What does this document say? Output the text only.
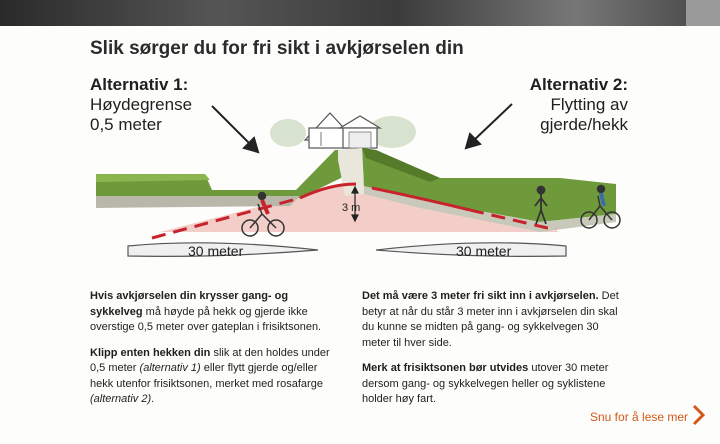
Slik sørger du for fri sikt i avkjørselen din
Alternativ 1:
Høydegrense
0,5 meter
Alternativ 2:
Flytting av
gjerde/hekk
3 m
30 meter	30 meter

Hvis avkjørselen din krysser gang- og sykkelveg må høyde på hekk og gjerde ikke overstige 0,5 meter over gateplan i frisiktsonen.

Klipp enten hekken din slik at den holdes under 0,5 meter (alternativ 1) eller flytt gjerde og/eller hekk utenfor frisiktsonen, merket med rosafarge (alternativ 2).

Det må være 3 meter fri sikt inn i avkjørselen. Det betyr at når du står 3 meter inn i avkjørselen din skal du kunne se midten på gang- og sykkelvegen 30 meter til hver side.

Merk at frisiktsonen bør utvides utover 30 meter dersom gang- og sykkelvegen heller og syklistene holder høy fart.

Snu for å lese mer
